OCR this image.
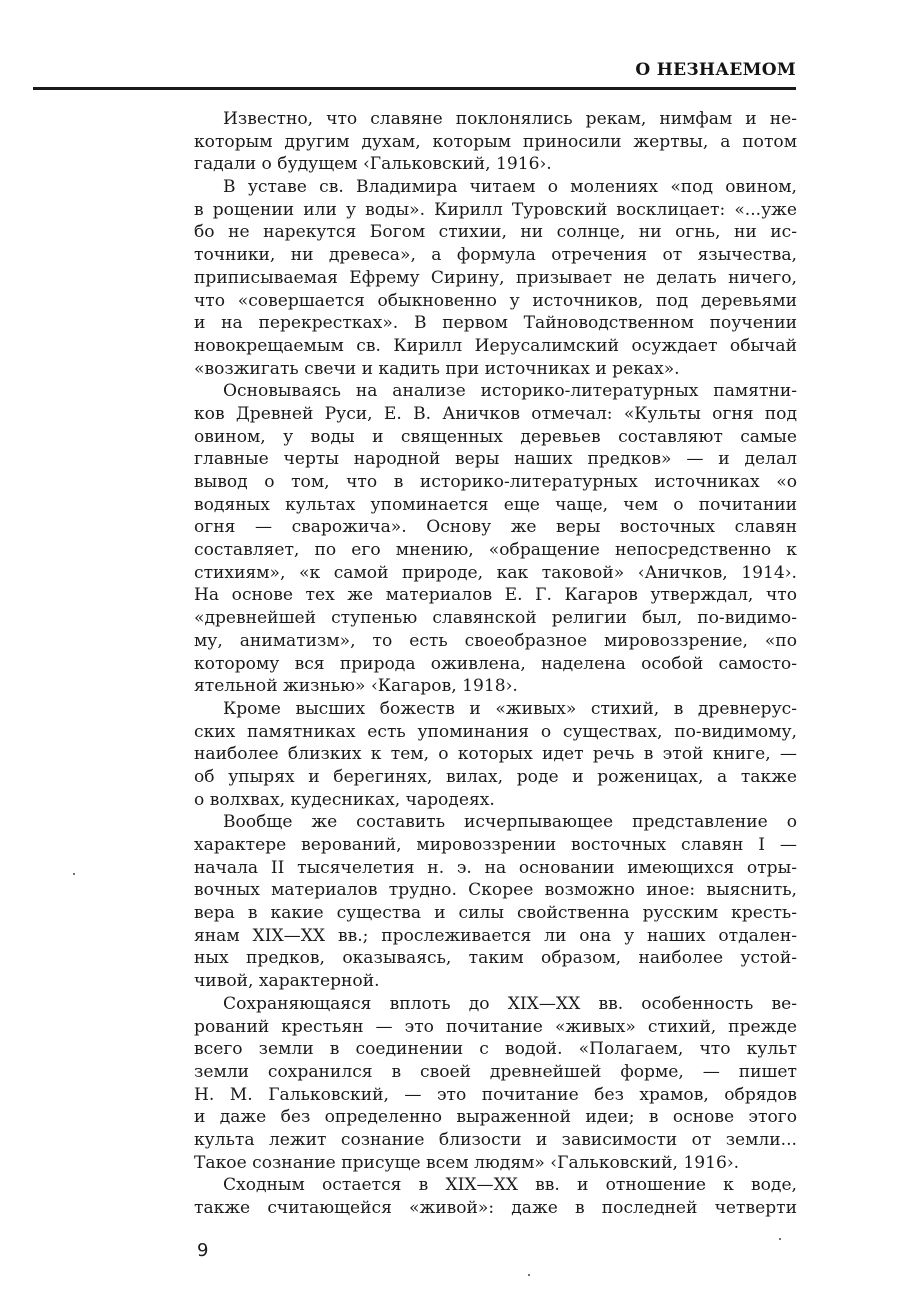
О НЕЗНАЕМОМ
Известно, что славяне поклонялись рекам, нимфам и не-
которым другим духам, которым приносили жертвы, а потом
гадали о будущем ‹Гальковский, 1916›.
В уставе св. Владимира читаем о молениях «под овином,
в рощении или у воды». Кирилл Туровский восклицает: «...уже
бо не нарекутся Богом стихии, ни солнце, ни огнь, ни ис-
точники, ни древеса», а формула отречения от язычества,
приписываемая Ефрему Сирину, призывает не делать ничего,
что «совершается обыкновенно у источников, под деревьями
и на перекрестках». В первом Тайноводственном поучении
новокрещаемым св. Кирилл Иерусалимский осуждает обычай
«возжигать свечи и кадить при источниках и реках».
Основываясь на анализе историко-литературных памятни-
ков Древней Руси, Е. В. Аничков отмечал: «Культы огня под
овином, у воды и священных деревьев составляют самые
главные черты народной веры наших предков» — и делал
вывод о том, что в историко-литературных источниках «о
водяных культах упоминается еще чаще, чем о почитании
огня — сварожича». Основу же веры восточных славян
составляет, по его мнению, «обращение непосредственно к
стихиям», «к самой природе, как таковой» ‹Аничков, 1914›.
На основе тех же материалов Е. Г. Кагаров утверждал, что
«древнейшей ступенью славянской религии был, по-видимо-
му, аниматизм», то есть своеобразное мировоззрение, «по
которому вся природа оживлена, наделена особой самосто-
ятельной жизнью» ‹Кагаров, 1918›.
Кроме высших божеств и «живых» стихий, в древнерус-
ских памятниках есть упоминания о существах, по-видимому,
наиболее близких к тем, о которых идет речь в этой книге, —
об упырях и берегинях, вилах, роде и роженицах, а также
о волхвах, кудесниках, чародеях.
Вообще же составить исчерпывающее представление о
характере верований, мировоззрении восточных славян I —
начала II тысячелетия н. э. на основании имеющихся отры-
вочных материалов трудно. Скорее возможно иное: выяснить,
вера в какие существа и силы свойственна русским кресть-
янам XIX—XX вв.; прослеживается ли она у наших отдален-
ных предков, оказываясь, таким образом, наиболее устой-
чивой, характерной.
Сохраняющаяся вплоть до XIX—XX вв. особенность ве-
рований крестьян — это почитание «живых» стихий, прежде
всего земли в соединении с водой. «Полагаем, что культ
земли сохранился в своей древнейшей форме, — пишет
Н. М. Гальковский, — это почитание без храмов, обрядов
и даже без определенно выраженной идеи; в основе этого
культа лежит сознание близости и зависимости от земли...
Такое сознание присуще всем людям» ‹Гальковский, 1916›.
Сходным остается в XIX—XX вв. и отношение к воде,
также считающейся «живой»: даже в последней четверти
9
